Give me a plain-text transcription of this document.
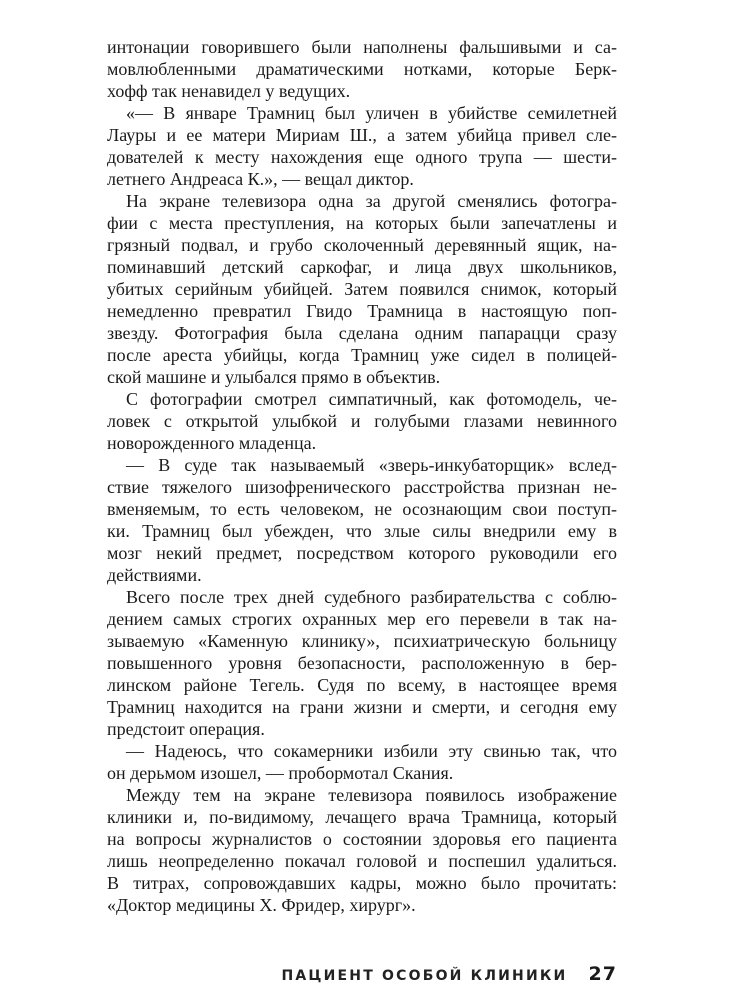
интонации говорившего были наполнены фальшивыми и са-
мовлюбленными драматическими нотками, которые Берк-
хофф так ненавидел у ведущих.
«— В январе Трамниц был уличен в убийстве семилетней
Лауры и ее матери Мириам Ш., а затем убийца привел сле-
дователей к месту нахождения еще одного трупа — шести-
летнего Андреаса К.», — вещал диктор.
На экране телевизора одна за другой сменялись фотогра-
фии с места преступления, на которых были запечатлены и
грязный подвал, и грубо сколоченный деревянный ящик, на-
поминавший детский саркофаг, и лица двух школьников,
убитых серийным убийцей. Затем появился снимок, который
немедленно превратил Гвидо Трамница в настоящую поп-
звезду. Фотография была сделана одним папарацци сразу
после ареста убийцы, когда Трамниц уже сидел в полицей-
ской машине и улыбался прямо в объектив.
С фотографии смотрел симпатичный, как фотомодель, че-
ловек с открытой улыбкой и голубыми глазами невинного
новорожденного младенца.
— В суде так называемый «зверь-инкубаторщик» вслед-
ствие тяжелого шизофренического расстройства признан не-
вменяемым, то есть человеком, не осознающим свои поступ-
ки. Трамниц был убежден, что злые силы внедрили ему в
мозг некий предмет, посредством которого руководили его
действиями.
Всего после трех дней судебного разбирательства с соблю-
дением самых строгих охранных мер его перевели в так на-
зываемую «Каменную клинику», психиатрическую больницу
повышенного уровня безопасности, расположенную в бер-
линском районе Тегель. Судя по всему, в настоящее время
Трамниц находится на грани жизни и смерти, и сегодня ему
предстоит операция.
— Надеюсь, что сокамерники избили эту свинью так, что
он дерьмом изошел, — пробормотал Скания.
Между тем на экране телевизора появилось изображение
клиники и, по-видимому, лечащего врача Трамница, который
на вопросы журналистов о состоянии здоровья его пациента
лишь неопределенно покачал головой и поспешил удалиться.
В титрах, сопровождавших кадры, можно было прочитать:
«Доктор медицины Х. Фридер, хирург».
ПАЦИЕНТ ОСОБОЙ КЛИНИКИ 27
